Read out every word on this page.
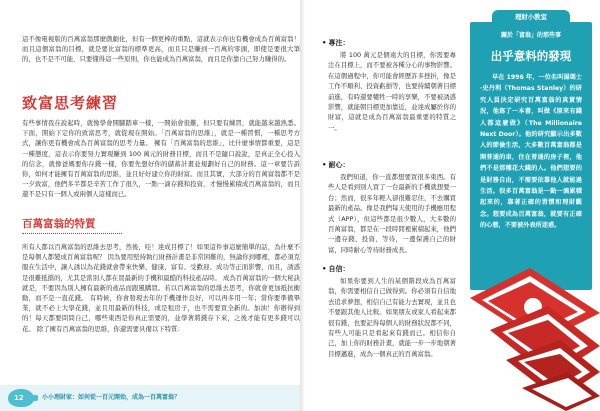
這不像電視版的百萬富翁那麼戲劇化，但有一個更棒的重點，這就表示你也有機會成為百萬富翁！而且這個富翁的目標，就是要比富翁的標準更高，而且只是賺到一百萬的零頭，即使是要很大筆的，也不是不可能，只要懂得這一些原則，你也能成為百萬富翁，而且是你靠自己努力賺得的。

致富思考練習

有些事情我在說起時，就像學會開腳踏車一樣，一開始會很難，但只要有練習，就能越來越熟悉。下面，開始下定你的致富思考，就從現在開始。「百萬富翁的思維」，就是一種習慣，一種思考方式，讓你更有機會成為百萬富翁的思考力量。 擁有「百萬富翁的思維」，比什麼事情都重要，這是一種態度，這表示你要努力實現賺到 100 萬元的財務目標，而且不是隨口說說，是真正全心投入的信念，就像爸媽要你存錢一樣，你要先想好你的儲蓄計畫並規劃好自己的財務。這一章要告訴你，如何才能擁有百萬富翁的思維，並且好好建立你的財富。而且其實，大部分的百萬富翁都不是一夕致富，他們多半都是辛苦工作了很久，一點一滴存錢和投資，才慢慢累積成百萬富翁的，而且還不是只有一個人或兩個人這樣而已。

百萬富翁的特質

所有人都以百萬富翁的思維去思考，然後，哇！達成目標了！如果這件事這麼簡單的話，為什麼不是每個人都變成百萬富翁呢？ 因為要用堅持執行財務計畫是非常困難的，無論你到哪裡，都必須克服在生活中，讓人誘以為花錢就會帶來快樂、健康、富有、受歡迎、成功等正面影響，而且，誘惑是很難抵擋的，尤其是當別人都在買最新的手機和最酷的科技產品時。 成為百萬富翁的一個大秘訣就是，不要因為別人擁有最新的產品而跟風購買。若以百萬富翁的思維去思考，你就會更加抵抗衝動，而不是一直花錢。 有時候，你會發現去年的手機運作良好，可以再多用一年；當你要準備畢業，就不必上大學花錢，並且用最新的科技，或是租房子，也不需要買全新的。加油！你辦得到的！每天都要問問自己，哪些東西是你真正需要的，並學著將錢存下來，之後才能有更多錢可以花。 除了擁有百萬富翁的思維，你還需要具備以下特質：

12	小小理財家：如何從一百元開始，成為一百萬富翁？
• 專注：

將 100 萬元是個遠大的目標，你需要專注在目標上，而不要被各種分心的事物影響。在這個過程中，你可能會經歷許多挫折，像是工作不順利、投資虧損等，也要持續朝著目標前進，有時還要犧牲一時的享樂，不要被誘惑影響，就能朝目標更加靠近，並達成屬於你的財富，這就是成為百萬富翁最重要的特質之一。

• 耐心：

我們知道，你一直都想要買很多東西。有些人是看到別人買了一台最新的手機就想要一台；然而，很多年輕人卻很難忍住，不去購買最新的產品。像是我們每天使用的手機應用程式（APP），但這些都是很少數人，大多數的百萬富翁，都是在一段時間裡累積起來，他們一邊存錢、投資、等待，一邊保護自己的財富，同時耐心等待財務成長。

• 自信：

如果你要到人生的某個階段成為百萬富翁，你需要相信自己做得到。你必須有自信地去追求夢想，相信自己有能力去實現，並且也不要跟其他人比較。如果朋友或家人看起來都很有錢，也要記得每個人的財務狀況都不同，有些人可能只是看起來有錢而已。相信你自己，加上你的財務計畫，就能一步一步地朝著目標邁進，成為一個真正的百萬富翁。

理財小教室
關於「富翁」的那些事
出乎意料的發現

早在 1996 年，一位名叫湯瑪士·史丹利（Thomas Stanley）的研究人員決定研究百萬富翁的真實情況，他寫了一本書，叫做《原來有錢人都這麼做》（The Millionaire Next Door）。他的研究顯示出多數人的節儉生活，大多數百萬富翁都是開普通的車，住在普通的房子裡，他們不是那種花大錢的人。他們想要的是財務自由，不需要依靠他人就能過生活。很多百萬富翁是一點一滴累積起來的，靠著正確的習慣和理財觀念。想要成為百萬富翁，就要有正確的心態，不要被外表所迷惑。
